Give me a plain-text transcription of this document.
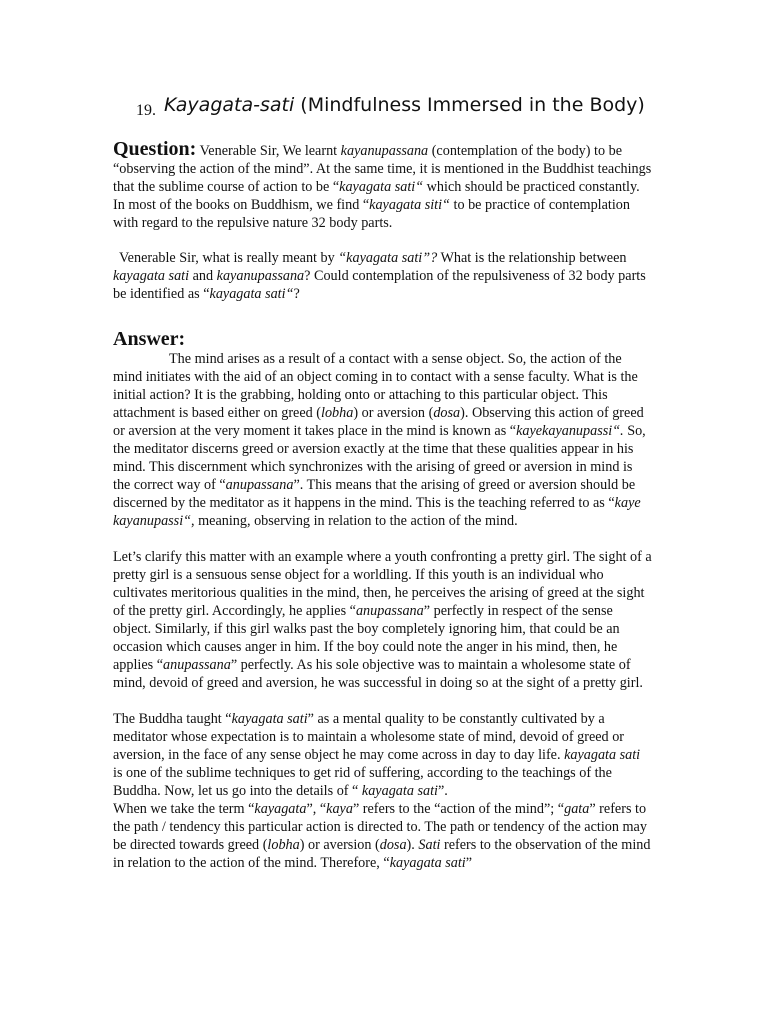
19. Kayagata-sati (Mindfulness Immersed in the Body)

Question: Venerable Sir, We learnt kayanupassana (contemplation of the body) to be “observing the action of the mind”. At the same time, it is mentioned in the Buddhist teachings that the sublime course of action to be “kayagata sati“ which should be practiced constantly. In most of the books on Buddhism, we find “kayagata siti“ to be practice of contemplation with regard to the repulsive nature 32 body parts.

Venerable Sir, what is really meant by “kayagata sati”? What is the relationship between kayagata sati and kayanupassana? Could contemplation of the repulsiveness of 32 body parts be identified as “kayagata sati“?

Answer:

The mind arises as a result of a contact with a sense object. So, the action of the mind initiates with the aid of an object coming in to contact with a sense faculty. What is the initial action? It is the grabbing, holding onto or attaching to this particular object. This attachment is based either on greed (lobha) or aversion (dosa). Observing this action of greed or aversion at the very moment it takes place in the mind is known as “kayekayanupassi“. So, the meditator discerns greed or aversion exactly at the time that these qualities appear in his mind. This discernment which synchronizes with the arising of greed or aversion in mind is the correct way of “anupassana”. This means that the arising of greed or aversion should be discerned by the meditator as it happens in the mind. This is the teaching referred to as “kaye kayanupassi“, meaning, observing in relation to the action of the mind.

Let’s clarify this matter with an example where a youth confronting a pretty girl. The sight of a pretty girl is a sensuous sense object for a worldling. If this youth is an individual who cultivates meritorious qualities in the mind, then, he perceives the arising of greed at the sight of the pretty girl. Accordingly, he applies “anupassana” perfectly in respect of the sense object. Similarly, if this girl walks past the boy completely ignoring him, that could be an occasion which causes anger in him. If the boy could note the anger in his mind, then, he applies “anupassana” perfectly. As his sole objective was to maintain a wholesome state of mind, devoid of greed and aversion, he was successful in doing so at the sight of a pretty girl.

The Buddha taught “kayagata sati” as a mental quality to be constantly cultivated by a meditator whose expectation is to maintain a wholesome state of mind, devoid of greed or aversion, in the face of any sense object he may come across in day to day life. kayagata sati is one of the sublime techniques to get rid of suffering, according to the teachings of the Buddha. Now, let us go into the details of “ kayagata sati”.

When we take the term “kayagata”, “kaya” refers to the “action of the mind”; “gata” refers to the path / tendency this particular action is directed to. The path or tendency of the action may be directed towards greed (lobha) or aversion (dosa). Sati refers to the observation of the mind in relation to the action of the mind. Therefore, “kayagata sati”
